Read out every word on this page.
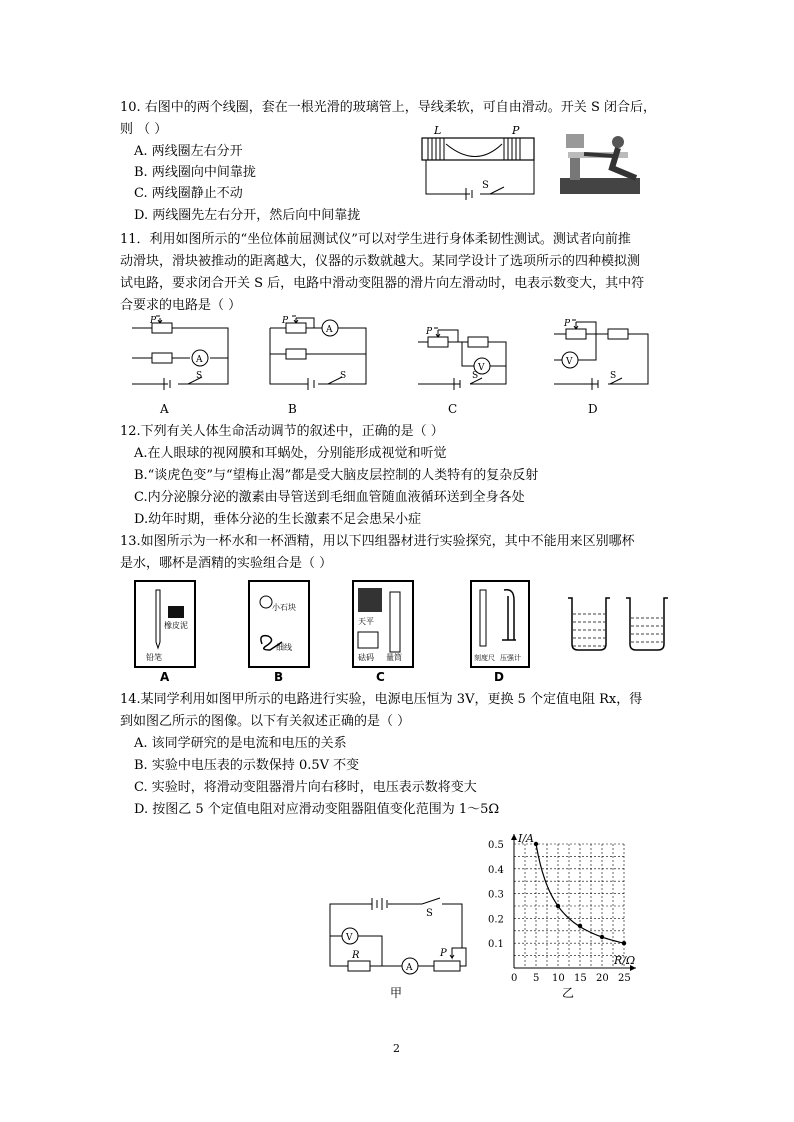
10. 右图中的两个线圈，套在一根光滑的玻璃管上，导线柔软，可自由滑动。开关 S 闭合后，
则 （ ）
A. 两线圈左右分开
B. 两线圈向中间靠拢
C. 两线圈静止不动
D. 两线圈先左右分开，然后向中间靠拢
L	P
S
11．利用如图所示的“坐位体前屈测试仪”可以对学生进行身体柔韧性测试。测试者向前推
动滑块，滑块被推动的距离越大，仪器的示数就越大。某同学设计了选项所示的四种模拟测
试电路，要求闭合开关 S 后，电路中滑动变阻器的滑片向左滑动时，电表示数变大，其中符
合要求的电路是（ ）
P
A
S
A
P
A
S
B
P
V
S
C
P
V
S
D
12.下列有关人体生命活动调节的叙述中，正确的是（ ）
A.在人眼球的视网膜和耳蜗处，分别能形成视觉和听觉
B.“谈虎色变”与“望梅止渴”都是受大脑皮层控制的人类特有的复杂反射
C.内分泌腺分泌的激素由导管送到毛细血管随血液循环送到全身各处
D.幼年时期，垂体分泌的生长激素不足会患呆小症
13.如图所示为一杯水和一杯酒精，用以下四组器材进行实验探究，其中不能用来区别哪杯
是水，哪杯是酒精的实验组合是（ ）
橡皮泥
铅笔
A
小石块
细线
B
天平
砝码 量筒
C
刻度尺 压强计
D
14.某同学利用如图甲所示的电路进行实验，电源电压恒为 3V，更换 5 个定值电阻 Rx，得
到如图乙所示的图像。以下有关叙述正确的是（ ）
A. 该同学研究的是电流和电压的关系
B. 实验中电压表的示数保持 0.5V 不变
C. 实验时，将滑动变阻器滑片向右移时，电压表示数将变大
D. 按图乙 5 个定值电阻对应滑动变阻器阻值变化范围为 1～5Ω
V
A
S
P
R
甲
0 5 10 15 20 25
0.1
0.2
0.3
0.4
0.5
R/Ω
I/A
乙
2
